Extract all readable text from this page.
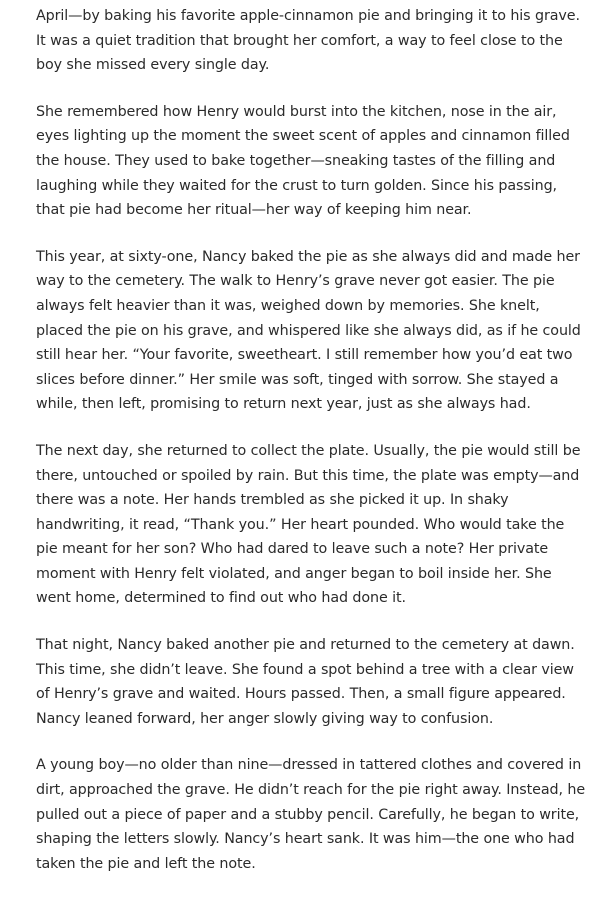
April—by baking his favorite apple-cinnamon pie and bringing it to his grave. It was a quiet tradition that brought her comfort, a way to feel close to the boy she missed every single day.

She remembered how Henry would burst into the kitchen, nose in the air, eyes lighting up the moment the sweet scent of apples and cinnamon filled the house. They used to bake together—sneaking tastes of the filling and laughing while they waited for the crust to turn golden. Since his passing, that pie had become her ritual—her way of keeping him near.

This year, at sixty-one, Nancy baked the pie as she always did and made her way to the cemetery. The walk to Henry’s grave never got easier. The pie always felt heavier than it was, weighed down by memories. She knelt, placed the pie on his grave, and whispered like she always did, as if he could still hear her. “Your favorite, sweetheart. I still remember how you’d eat two slices before dinner.” Her smile was soft, tinged with sorrow. She stayed a while, then left, promising to return next year, just as she always had.

The next day, she returned to collect the plate. Usually, the pie would still be there, untouched or spoiled by rain. But this time, the plate was empty—and there was a note. Her hands trembled as she picked it up. In shaky handwriting, it read, “Thank you.” Her heart pounded. Who would take the pie meant for her son? Who had dared to leave such a note? Her private moment with Henry felt violated, and anger began to boil inside her. She went home, determined to find out who had done it.

That night, Nancy baked another pie and returned to the cemetery at dawn. This time, she didn’t leave. She found a spot behind a tree with a clear view of Henry’s grave and waited. Hours passed. Then, a small figure appeared. Nancy leaned forward, her anger slowly giving way to confusion.

A young boy—no older than nine—dressed in tattered clothes and covered in dirt, approached the grave. He didn’t reach for the pie right away. Instead, he pulled out a piece of paper and a stubby pencil. Carefully, he began to write, shaping the letters slowly. Nancy’s heart sank. It was him—the one who had taken the pie and left the note.
